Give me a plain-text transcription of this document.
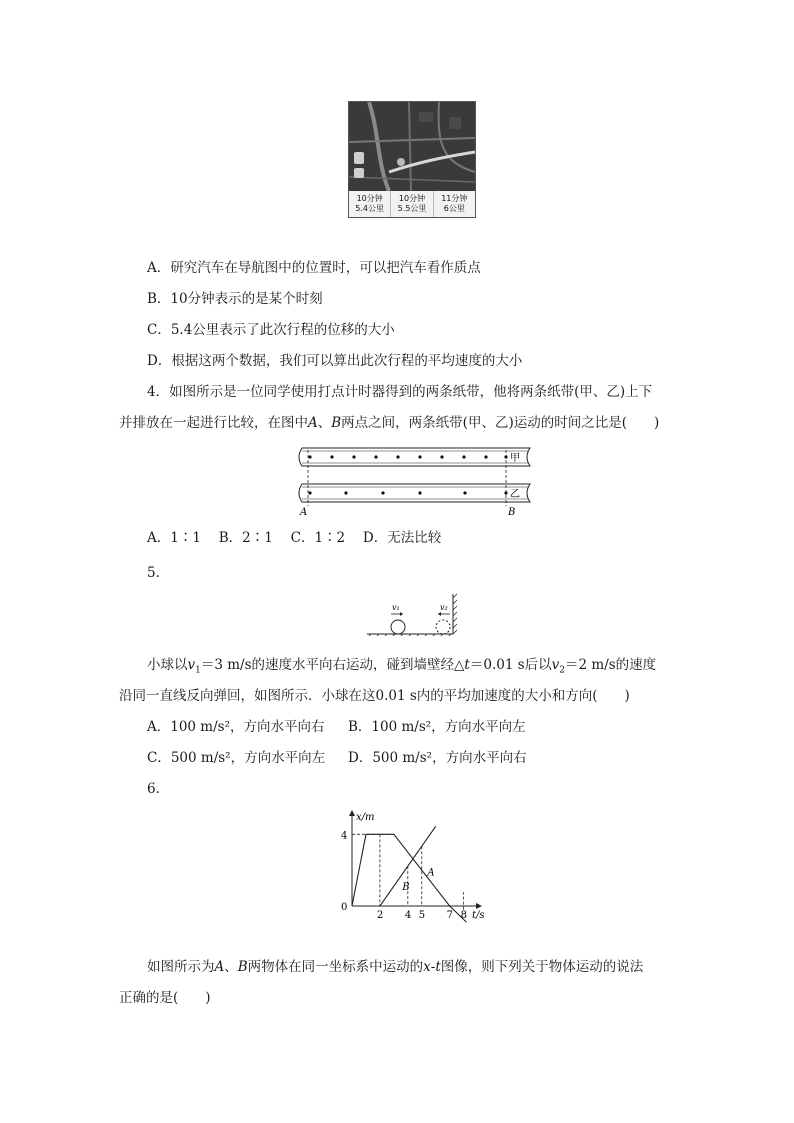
10分钟
5.4公里
10分钟
5.5公里
11分钟
6公里
A．研究汽车在导航图中的位置时，可以把汽车看作质点
B．10分钟表示的是某个时刻
C．5.4公里表示了此次行程的位移的大小
D．根据这两个数据，我们可以算出此次行程的平均速度的大小
4．如图所示是一位同学使用打点计时器得到的两条纸带，他将两条纸带(甲、乙)上下
并排放在一起进行比较，在图中A、B两点之间，两条纸带(甲、乙)运动的时间之比是(　　)
甲
乙
A	B
A．1∶1　 B．2∶1　 C．1∶2　 D．无法比较
5.
v₁	v₂
小球以$v_1=3$ m/s的速度水平向右运动，碰到墙壁经△t＝0.01 s后以$v_2=2$ m/s的速度
沿同一直线反向弹回，如图所示．小球在这0.01 s内的平均加速度的大小和方向(　　)
A．100 m/s²，方向水平向右 B．100 m/s²，方向水平向左
C．500 m/s²，方向水平向左 D．500 m/s²，方向水平向右
6.
2 4 5 7 8
4
x/m
t/s
0
A
B
如图所示为A、B两物体在同一坐标系中运动的x-t图像，则下列关于物体运动的说法
正确的是(　　)
